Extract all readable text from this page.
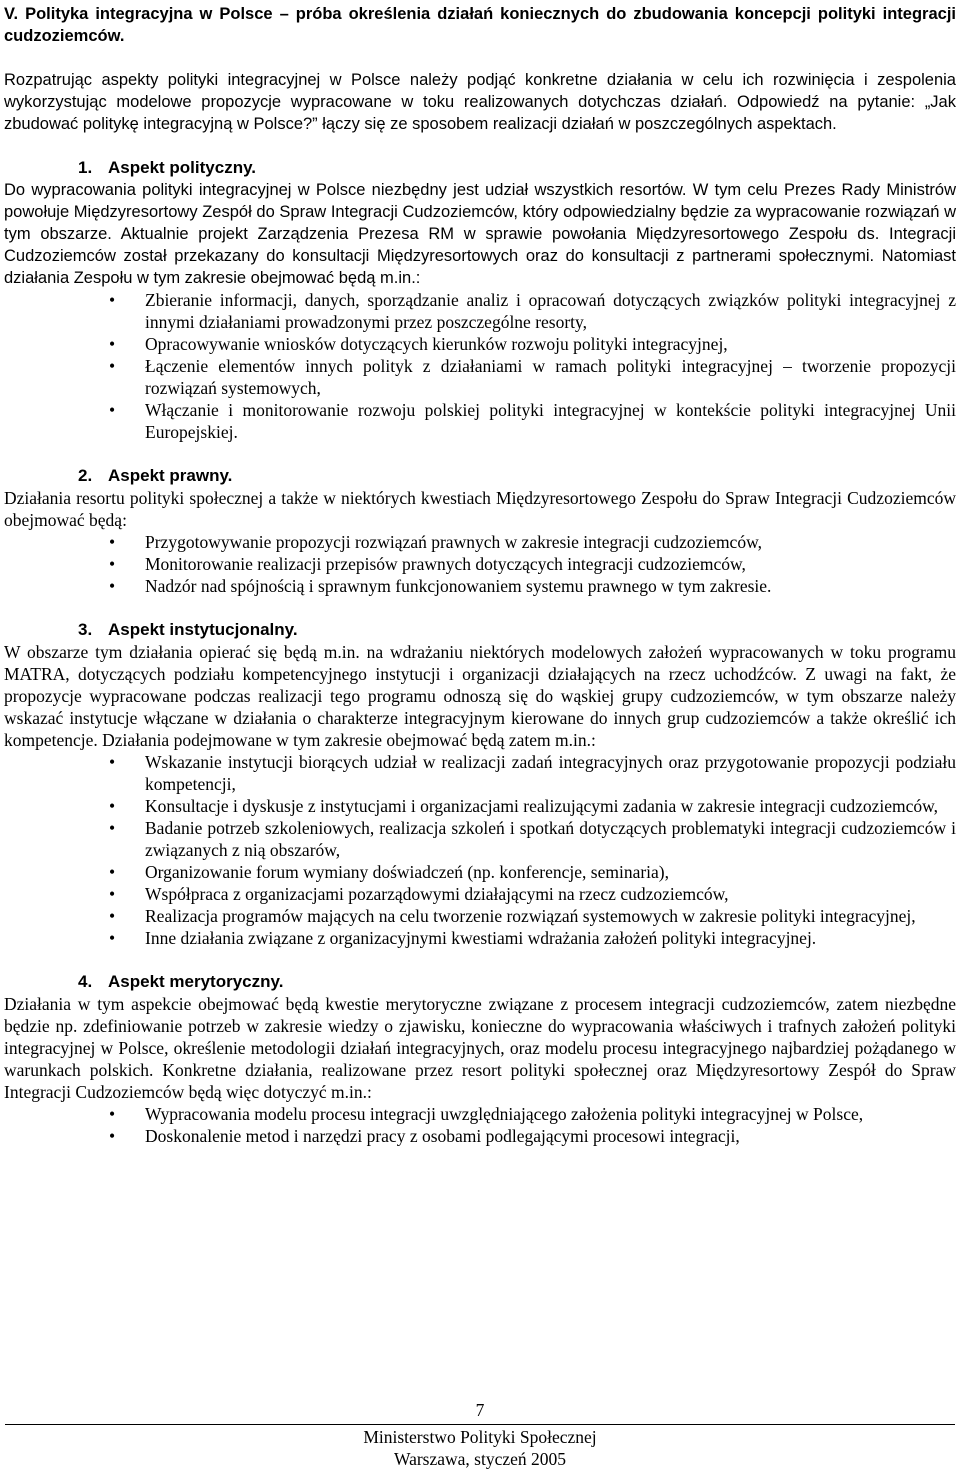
V. Polityka integracyjna w Polsce – próba określenia działań koniecznych do zbudowania koncepcji polityki integracji cudzoziemców.

Rozpatrując aspekty polityki integracyjnej w Polsce należy podjąć konkretne działania w celu ich rozwinięcia i zespolenia wykorzystując modelowe propozycje wypracowane w toku realizowanych dotychczas działań. Odpowiedź na pytanie: „Jak zbudować politykę integracyjną w Polsce?” łączy się ze sposobem realizacji działań w poszczególnych aspektach.

1. Aspekt polityczny.

Do wypracowania polityki integracyjnej w Polsce niezbędny jest udział wszystkich resortów. W tym celu Prezes Rady Ministrów powołuje Międzyresortowy Zespół do Spraw Integracji Cudzoziemców, który odpowiedzialny będzie za wypracowanie rozwiązań w tym obszarze. Aktualnie projekt Zarządzenia Prezesa RM w sprawie powołania Międzyresortowego Zespołu ds. Integracji Cudzoziemców został przekazany do konsultacji Międzyresortowych oraz do konsultacji z partnerami społecznymi. Natomiast działania Zespołu w tym zakresie obejmować będą m.in.:

• Zbieranie informacji, danych, sporządzanie analiz i opracowań dotyczących związków polityki integracyjnej z innymi działaniami prowadzonymi przez poszczególne resorty,
• Opracowywanie wniosków dotyczących kierunków rozwoju polityki integracyjnej,
• Łączenie elementów innych polityk z działaniami w ramach polityki integracyjnej – tworzenie propozycji rozwiązań systemowych,
• Włączanie i monitorowanie rozwoju polskiej polityki integracyjnej w kontekście polityki integracyjnej Unii Europejskiej.

2. Aspekt prawny.

Działania resortu polityki społecznej a także w niektórych kwestiach Międzyresortowego Zespołu do Spraw Integracji Cudzoziemców obejmować będą:

• Przygotowywanie propozycji rozwiązań prawnych w zakresie integracji cudzoziemców,
• Monitorowanie realizacji przepisów prawnych dotyczących integracji cudzoziemców,
• Nadzór nad spójnością i sprawnym funkcjonowaniem systemu prawnego w tym zakresie.

3. Aspekt instytucjonalny.

W obszarze tym działania opierać się będą m.in. na wdrażaniu niektórych modelowych założeń wypracowanych w toku programu MATRA, dotyczących podziału kompetencyjnego instytucji i organizacji działających na rzecz uchodźców. Z uwagi na fakt, że propozycje wypracowane podczas realizacji tego programu odnoszą się do wąskiej grupy cudzoziemców, w tym obszarze należy wskazać instytucje włączane w działania o charakterze integracyjnym kierowane do innych grup cudzoziemców a także określić ich kompetencje. Działania podejmowane w tym zakresie obejmować będą zatem m.in.:

• Wskazanie instytucji biorących udział w realizacji zadań integracyjnych oraz przygotowanie propozycji podziału kompetencji,
• Konsultacje i dyskusje z instytucjami i organizacjami realizującymi zadania w zakresie integracji cudzoziemców,
• Badanie potrzeb szkoleniowych, realizacja szkoleń i spotkań dotyczących problematyki integracji cudzoziemców i związanych z nią obszarów,
• Organizowanie forum wymiany doświadczeń (np. konferencje, seminaria),
• Współpraca z organizacjami pozarządowymi działającymi na rzecz cudzoziemców,
• Realizacja programów mających na celu tworzenie rozwiązań systemowych w zakresie polityki integracyjnej,
• Inne działania związane z organizacyjnymi kwestiami wdrażania założeń polityki integracyjnej.

4. Aspekt merytoryczny.

Działania w tym aspekcie obejmować będą kwestie merytoryczne związane z procesem integracji cudzoziemców, zatem niezbędne będzie np. zdefiniowanie potrzeb w zakresie wiedzy o zjawisku, konieczne do wypracowania właściwych i trafnych założeń polityki integracyjnej w Polsce, określenie metodologii działań integracyjnych, oraz modelu procesu integracyjnego najbardziej pożądanego w warunkach polskich. Konkretne działania, realizowane przez resort polityki społecznej oraz Międzyresortowy Zespół do Spraw Integracji Cudzoziemców będą więc dotyczyć m.in.:

• Wypracowania modelu procesu integracji uwzględniającego założenia polityki integracyjnej w Polsce,
• Doskonalenie metod i narzędzi pracy z osobami podlegającymi procesowi integracji,
7
Ministerstwo Polityki Społecznej
Warszawa, styczeń 2005
